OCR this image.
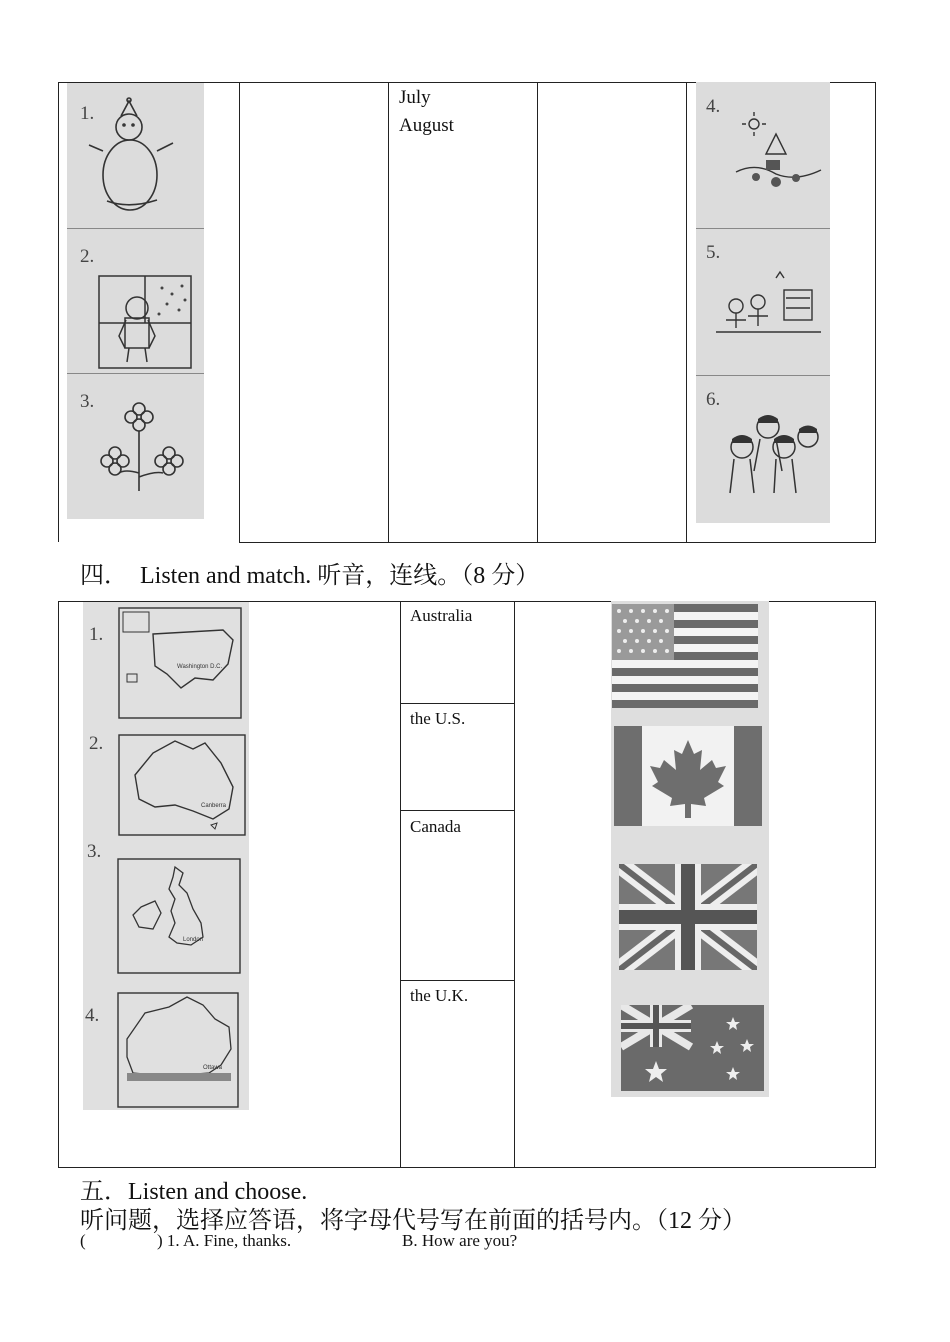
July
August
1.
2.
3.
4.
5.
6.
四．  Listen and match. 听音，连线。（8 分）
1.
Washington D.C.
2.
Canberra
3.
London
4.
Ottawa
Australia
the U.S.
Canada
the U.K.
五．Listen and choose.
听问题，选择应答语，将字母代号写在前面的括号内。（12 分）
(	) 1. A. Fine, thanks.	B. How are you?
